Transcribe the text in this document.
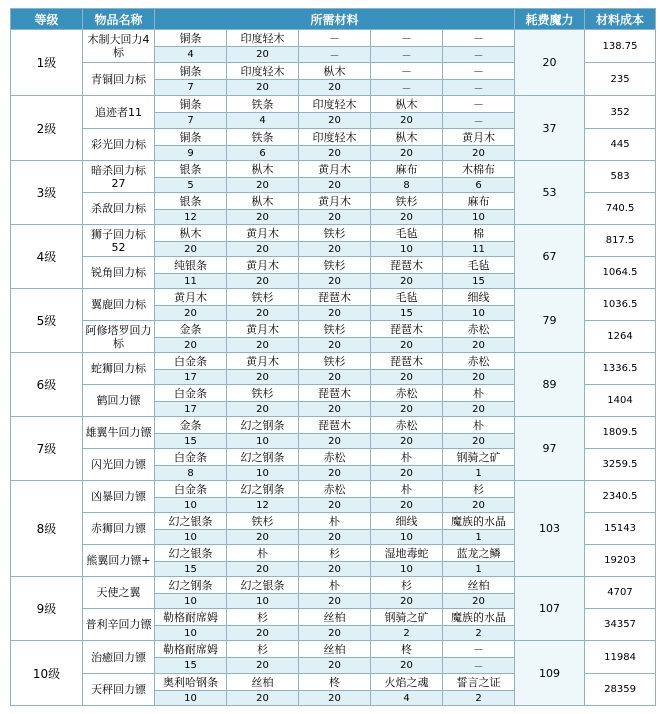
等级	物品名称	所需材料					耗费魔力	材料成本
1级	木制大回力4标	铜条	印度轻木	－	－	－	20	138.75
		4	20	－	－	－		
	青铜回力标	铜条	印度轻木	枞木	－	－		235
		7	20	20	－	－		
2级	追迹者11	铜条	铁条	印度轻木	枞木	－	37	352
		7	4	20	20	－		
	彩光回力标	铜条	铁条	印度轻木	枞木	黄月木		445
		9	6	20	20	20		
3级	暗杀回力标27	银条	枞木	黄月木	麻布	木棉布	53	583
		5	20	20	8	6		
	杀敌回力标	银条	枞木	黄月木	铁杉	麻布		740.5
		12	20	20	20	10		
4级	狮子回力标52	枞木	黄月木	铁杉	毛毡	棉	67	817.5
		20	20	20	10	11		
	锐角回力标	纯银条	黄月木	铁杉	琵琶木	毛毡		1064.5
		11	20	20	20	15		
5级	翼鹿回力标	黄月木	铁杉	琵琶木	毛毡	细线	79	1036.5
		20	20	20	15	10		
	阿修塔罗回力标	金条	黄月木	铁杉	琵琶木	赤松		1264
		20	20	20	20	20		
6级	蛇狮回力标	白金条	黄月木	铁杉	琵琶木	赤松	89	1336.5
		17	20	20	20	20		
	鹤回力镖	白金条	铁杉	琵琶木	赤松	朴		1404
		17	20	20	20	20		
7级	雄翼牛回力镖	金条	幻之钢条	琵琶木	赤松	朴	97	1809.5
		15	10	20	20	20		
	闪光回力镖	白金条	幻之钢条	赤松	朴	钢骑之矿		3259.5
		8	10	20	20	1		
8级	凶暴回力镖	白金条	幻之钢条	赤松	朴	杉	103	2340.5
		10	12	20	20	20		
	赤狮回力镖	幻之银条	铁杉	朴	细线	魔族的水晶		15143
		10	20	20	10	1		
	熊翼回力镖+	幻之银条	朴	杉	湿地毒蛇	蓝龙之鳞		19203
		15	20	20	10	1		
9级	天使之翼	幻之钢条	幻之银条	朴	杉	丝柏	107	4707
		10	10	20	20	20		
	普利辛回力镖	勒格耐席姆	杉	丝柏	钢骑之矿	魔族的水晶		34357
		10	20	20	2	2		
10级	治癒回力镖	勒格耐席姆	杉	丝柏	柊	－	109	11984
		15	20	20	20	－		
	天秤回力镖	奥利哈钢条	丝柏	柊	火焰之魂	誓言之证		28359
		10	20	20	4	2		
